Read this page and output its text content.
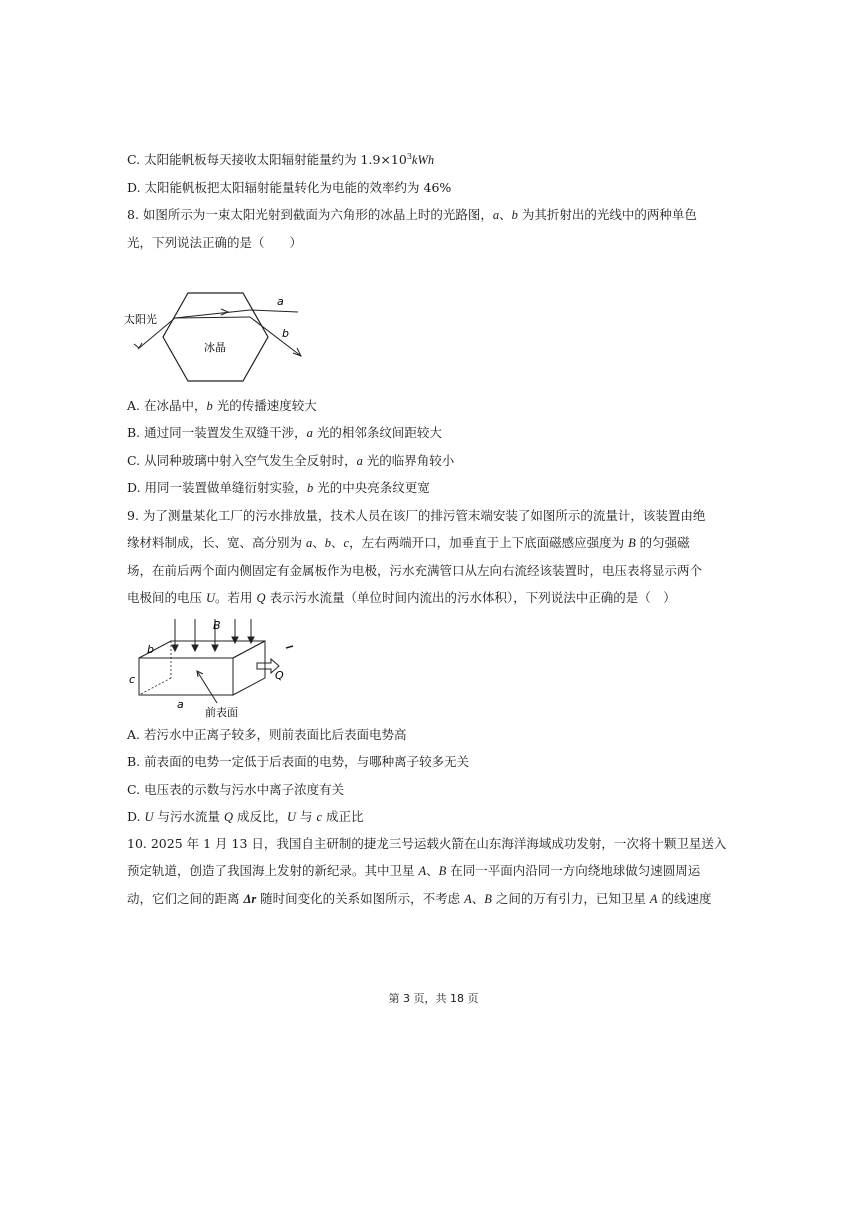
C. 太阳能帆板每天接收太阳辐射能量约为 $1.9\times 10^3kWh$
D. 太阳能帆板把太阳辐射能量转化为电能的效率约为 46%
8. 如图所示为一束太阳光射到截面为六角形的冰晶上时的光路图，a、b 为其折射出的光线中的两种单色
光，下列说法正确的是（　　）
太阳光
冰晶
a
b
A. 在冰晶中，b 光的传播速度较大
B. 通过同一装置发生双缝干涉，a 光的相邻条纹间距较大
C. 从同种玻璃中射入空气发生全反射时，a 光的临界角较小
D. 用同一装置做单缝衍射实验，b 光的中央亮条纹更宽
9. 为了测量某化工厂的污水排放量，技术人员在该厂的排污管末端安装了如图所示的流量计，该装置由绝
缘材料制成，长、宽、高分别为 a、b、c，左右两端开口，加垂直于上下底面磁感应强度为 B 的匀强磁
场，在前后两个面内侧固定有金属板作为电极，污水充满管口从左向右流经该装置时，电压表将显示两个
电极间的电压 U。若用 Q 表示污水流量（单位时间内流出的污水体积），下列说法中正确的是（　）
B
b
c
a
Q
前表面
A. 若污水中正离子较多，则前表面比后表面电势高
B. 前表面的电势一定低于后表面的电势，与哪种离子较多无关
C. 电压表的示数与污水中离子浓度有关
D. U 与污水流量 Q 成反比，U 与 c 成正比
10. 2025 年 1 月 13 日，我国自主研制的捷龙三号运载火箭在山东海洋海域成功发射，一次将十颗卫星送入
预定轨道，创造了我国海上发射的新纪录。其中卫星 A、B 在同一平面内沿同一方向绕地球做匀速圆周运
动，它们之间的距离 Δr 随时间变化的关系如图所示，不考虑 A、B 之间的万有引力，已知卫星 A 的线速度
第 3 页，共 18 页
